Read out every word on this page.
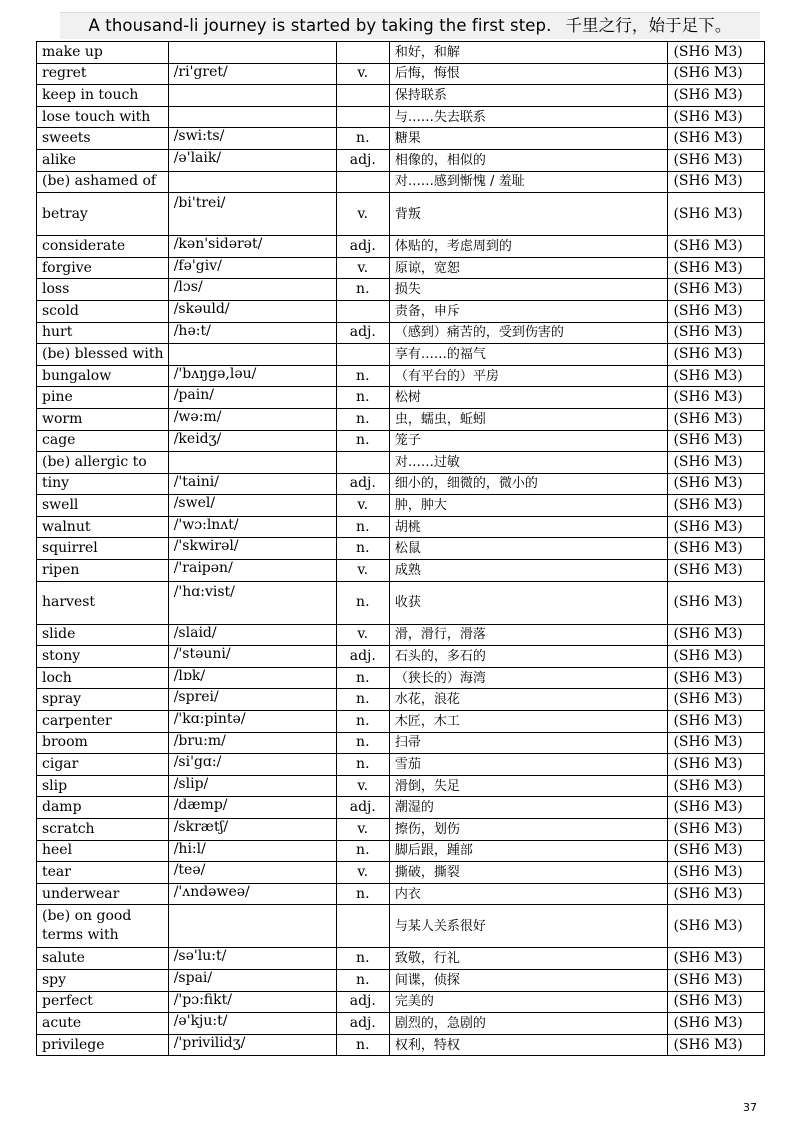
A thousand-li journey is started by taking the first step. 千里之行，始于足下。
make up			和好，和解	(SH6 M3)
regret	/ri'gret/	v.	后悔，悔恨	(SH6 M3)
keep in touch			保持联系	(SH6 M3)
lose touch with			与……失去联系	(SH6 M3)
sweets	/swi:ts/	n.	糖果	(SH6 M3)
alike	/ə'laik/	adj.	相像的，相似的	(SH6 M3)
(be) ashamed of			对……感到惭愧 / 羞耻	(SH6 M3)
betray	/bi'trei/	v.	背叛	(SH6 M3)
considerate	/kən'sidərət/	adj.	体贴的，考虑周到的	(SH6 M3)
forgive	/fə'giv/	v.	原谅，宽恕	(SH6 M3)
loss	/lɔs/	n.	损失	(SH6 M3)
scold	/skəuld/		责备，申斥	(SH6 M3)
hurt	/hə:t/	adj.	（感到）痛苦的，受到伤害的	(SH6 M3)
(be) blessed with			享有……的福气	(SH6 M3)
bungalow	/'bʌŋgə,ləu/	n.	（有平台的）平房	(SH6 M3)
pine	/pain/	n.	松树	(SH6 M3)
worm	/wə:m/	n.	虫，蠕虫，蚯蚓	(SH6 M3)
cage	/keidʒ/	n.	笼子	(SH6 M3)
(be) allergic to			对……过敏	(SH6 M3)
tiny	/'taini/	adj.	细小的，细微的，微小的	(SH6 M3)
swell	/swel/	v.	肿，肿大	(SH6 M3)
walnut	/'wɔ:lnʌt/	n.	胡桃	(SH6 M3)
squirrel	/'skwirəl/	n.	松鼠	(SH6 M3)
ripen	/'raipən/	v.	成熟	(SH6 M3)
harvest	/'hɑ:vist/	n.	收获	(SH6 M3)
slide	/slaid/	v.	滑，滑行，滑落	(SH6 M3)
stony	/'stəuni/	adj.	石头的，多石的	(SH6 M3)
loch	/lɒk/	n.	（狭长的）海湾	(SH6 M3)
spray	/sprei/	n.	水花，浪花	(SH6 M3)
carpenter	/'kɑ:pintə/	n.	木匠，木工	(SH6 M3)
broom	/bru:m/	n.	扫帚	(SH6 M3)
cigar	/si'gɑ:/	n.	雪茄	(SH6 M3)
slip	/slip/	v.	滑倒，失足	(SH6 M3)
damp	/dæmp/	adj.	潮湿的	(SH6 M3)
scratch	/skrætʃ/	v.	擦伤，划伤	(SH6 M3)
heel	/hi:l/	n.	脚后跟，踵部	(SH6 M3)
tear	/teə/	v.	撕破，撕裂	(SH6 M3)
underwear	/'ʌndəweə/	n.	内衣	(SH6 M3)
(be) on good terms with			与某人关系很好	(SH6 M3)
salute	/sə'lu:t/	n.	致敬，行礼	(SH6 M3)
spy	/spai/	n.	间谍，侦探	(SH6 M3)
perfect	/'pɔ:fikt/	adj.	完美的	(SH6 M3)
acute	/ə'kju:t/	adj.	剧烈的，急剧的	(SH6 M3)
privilege	/'privilidʒ/	n.	权利，特权	(SH6 M3)
37
